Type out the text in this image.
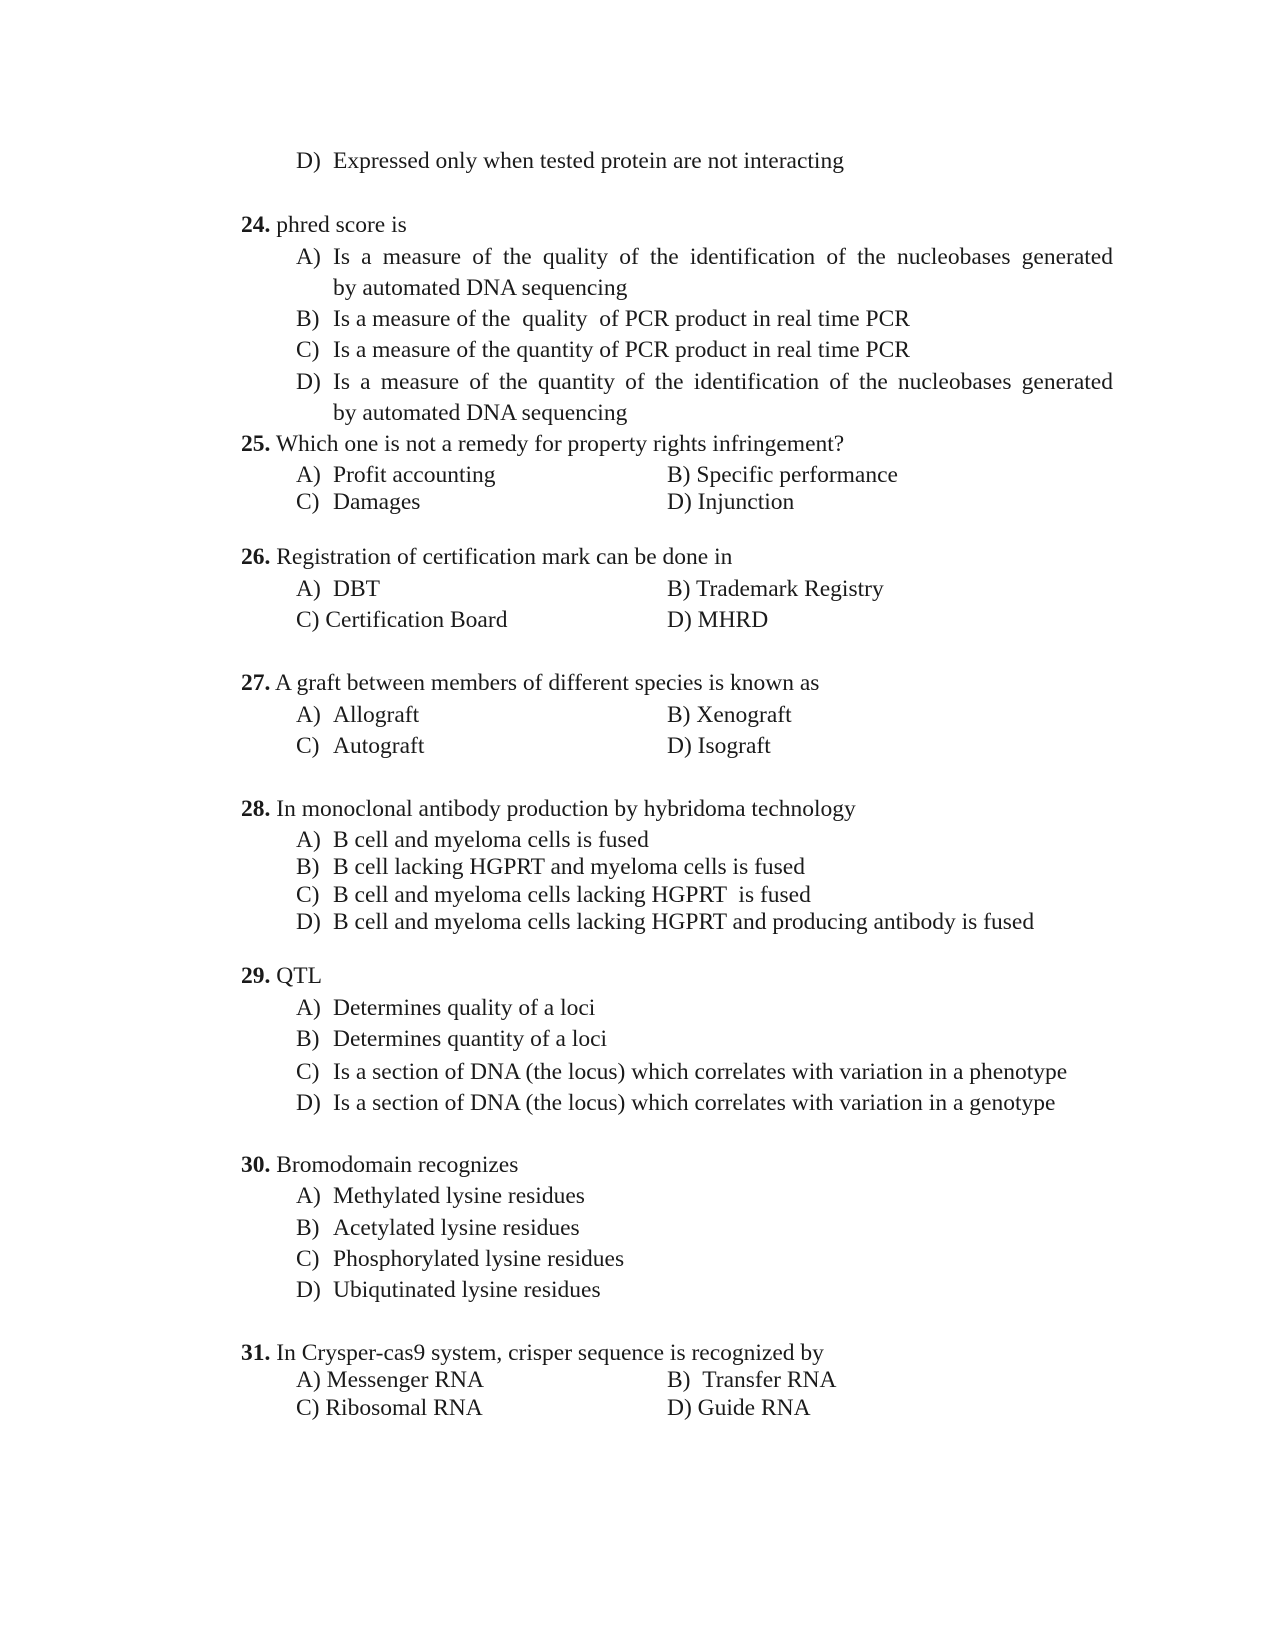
D) Expressed only when tested protein are not interacting
24. phred score is
A) Is a measure of the quality of the identification of the nucleobases generated
by automated DNA sequencing
B) Is a measure of the  quality  of PCR product in real time PCR
C) Is a measure of the quantity of PCR product in real time PCR
D) Is a measure of the quantity of the identification of the nucleobases generated
by automated DNA sequencing
25. Which one is not a remedy for property rights infringement?
A) Profit accounting	B) Specific performance
C) Damages	D) Injunction
26. Registration of certification mark can be done in
A) DBT	B) Trademark Registry
C) Certification Board	D) MHRD
27. A graft between members of different species is known as
A) Allograft	B) Xenograft
C) Autograft	D) Isograft
28. In monoclonal antibody production by hybridoma technology
A) B cell and myeloma cells is fused
B) B cell lacking HGPRT and myeloma cells is fused
C) B cell and myeloma cells lacking HGPRT  is fused
D) B cell and myeloma cells lacking HGPRT and producing antibody is fused
29. QTL
A) Determines quality of a loci
B) Determines quantity of a loci
C) Is a section of DNA (the locus) which correlates with variation in a phenotype
D) Is a section of DNA (the locus) which correlates with variation in a genotype
30. Bromodomain recognizes
A) Methylated lysine residues
B) Acetylated lysine residues
C) Phosphorylated lysine residues
D) Ubiqutinated lysine residues
31. In Crysper-cas9 system, crisper sequence is recognized by
A) Messenger RNA	B) Transfer RNA
C) Ribosomal RNA	D) Guide RNA
